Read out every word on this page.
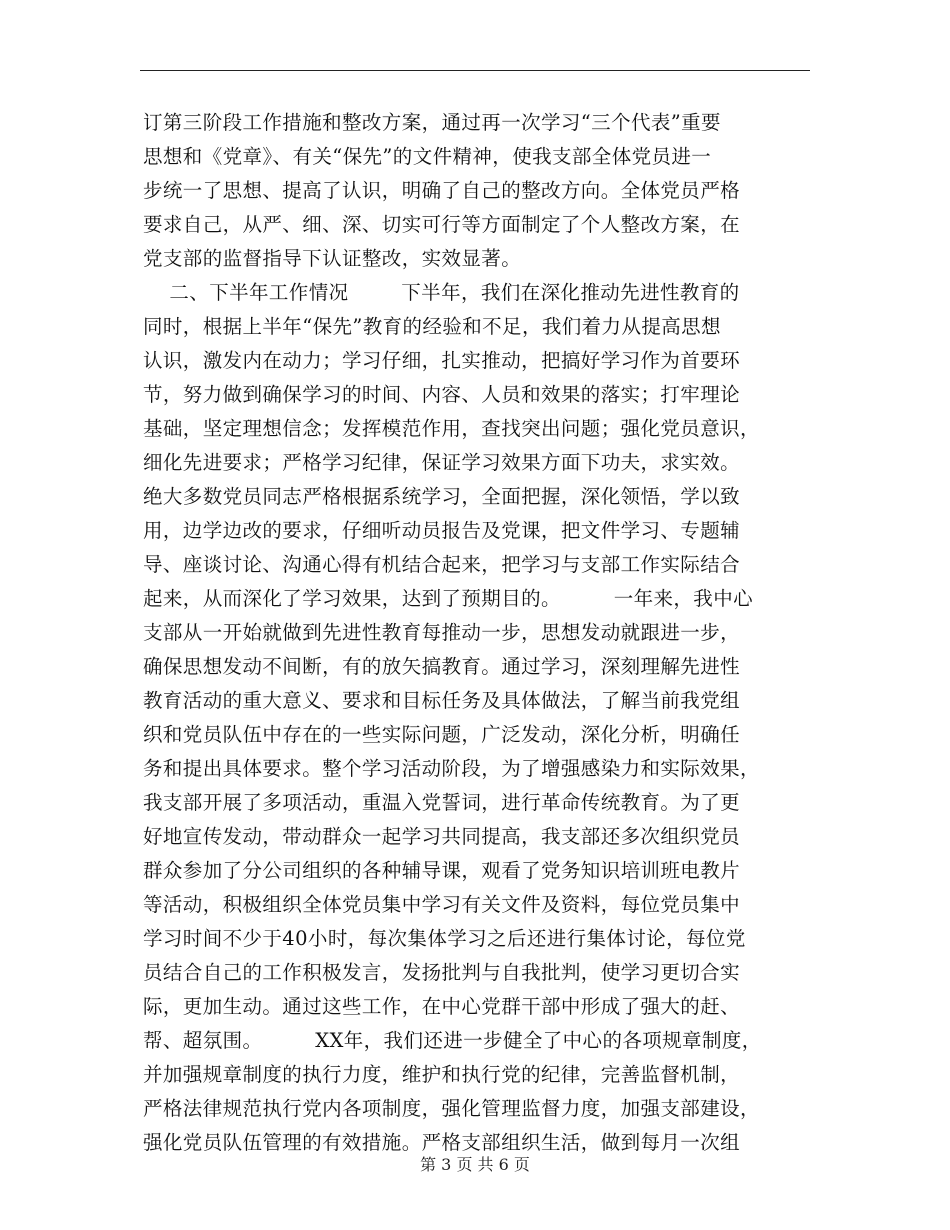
订第三阶段工作措施和整改方案，通过再一次学习“三个代表”重要
思想和《党章》、有关“保先”的文件精神，使我支部全体党员进一
步统一了思想、提高了认识，明确了自己的整改方向。全体党员严格
要求自己，从严、细、深、切实可行等方面制定了个人整改方案，在
党支部的监督指导下认证整改，实效显著。
二、下半年工作情况        下半年，我们在深化推动先进性教育的
同时，根据上半年“保先”教育的经验和不足，我们着力从提高思想
认识，激发内在动力；学习仔细，扎实推动，把搞好学习作为首要环
节，努力做到确保学习的时间、内容、人员和效果的落实；打牢理论
基础，坚定理想信念；发挥模范作用，查找突出问题；强化党员意识，
细化先进要求；严格学习纪律，保证学习效果方面下功夫，求实效。
绝大多数党员同志严格根据系统学习，全面把握，深化领悟，学以致
用，边学边改的要求，仔细听动员报告及党课，把文件学习、专题辅
导、座谈讨论、沟通心得有机结合起来，把学习与支部工作实际结合
起来，从而深化了学习效果，达到了预期目的。        一年来，我中心
支部从一开始就做到先进性教育每推动一步，思想发动就跟进一步，
确保思想发动不间断，有的放矢搞教育。通过学习，深刻理解先进性
教育活动的重大意义、要求和目标任务及具体做法，了解当前我党组
织和党员队伍中存在的一些实际问题，广泛发动，深化分析，明确任
务和提出具体要求。整个学习活动阶段，为了增强感染力和实际效果，
我支部开展了多项活动，重温入党誓词，进行革命传统教育。为了更
好地宣传发动，带动群众一起学习共同提高，我支部还多次组织党员
群众参加了分公司组织的各种辅导课，观看了党务知识培训班电教片
等活动，积极组织全体党员集中学习有关文件及资料，每位党员集中
学习时间不少于40小时，每次集体学习之后还进行集体讨论，每位党
员结合自己的工作积极发言，发扬批判与自我批判，使学习更切合实
际，更加生动。通过这些工作，在中心党群干部中形成了强大的赶、
帮、超氛围。        XX年，我们还进一步健全了中心的各项规章制度，
并加强规章制度的执行力度，维护和执行党的纪律，完善监督机制，
严格法律规范执行党内各项制度，强化管理监督力度，加强支部建设，
强化党员队伍管理的有效措施。严格支部组织生活，做到每月一次组
第 3 页 共 6 页
